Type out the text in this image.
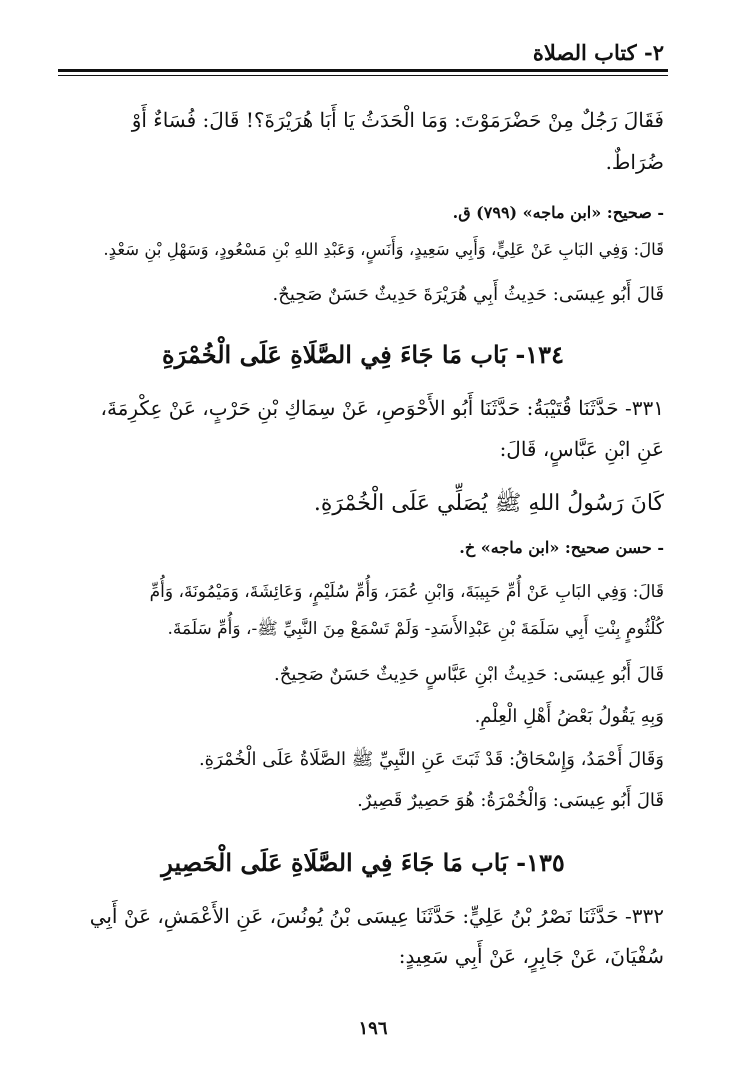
٢- كتاب الصلاة
فَقَالَ رَجُلٌ مِنْ حَضْرَمَوْتَ: وَمَا الْحَدَثُ يَا أَبَا هُرَيْرَةَ؟! قَالَ: فُسَاءٌ أَوْ
ضُرَاطٌ.
- صحيح: «ابن ماجه» (٧٩٩) ق.
قَالَ: وَفِي البَابِ عَنْ عَلِيٍّ، وَأَبِي سَعِيدٍ، وَأَنَسٍ، وَعَبْدِ اللهِ بْنِ مَسْعُودٍ، وَسَهْلِ بْنِ سَعْدٍ.
قَالَ أَبُو عِيسَى: حَدِيثُ أَبِي هُرَيْرَةَ حَدِيثٌ حَسَنٌ صَحِيحٌ.
١٣٤- بَاب مَا جَاءَ فِي الصَّلَاةِ عَلَى الْخُمْرَةِ
٣٣١- حَدَّثَنَا قُتَيْبَةُ: حَدَّثَنَا أَبُو الأَحْوَصِ، عَنْ سِمَاكِ بْنِ حَرْبٍ، عَنْ عِكْرِمَةَ،
عَنِ ابْنِ عَبَّاسٍ، قَالَ:
كَانَ رَسُولُ اللهِ ﷺ يُصَلِّي عَلَى الْخُمْرَةِ.
- حسن صحيح: «ابن ماجه» خ.
قَالَ: وَفِي البَابِ عَنْ أُمِّ حَبِيبَةَ، وَابْنِ عُمَرَ، وَأُمِّ سُلَيْمٍ، وَعَائِشَةَ، وَمَيْمُونَةَ، وَأُمِّ
كُلْثُومٍ بِنْتِ أَبِي سَلَمَةَ بْنِ عَبْدِالأَسَدِ- وَلَمْ تَسْمَعْ مِنَ النَّبِيِّ ﷺ-، وَأُمِّ سَلَمَةَ.
قَالَ أَبُو عِيسَى: حَدِيثُ ابْنِ عَبَّاسٍ حَدِيثٌ حَسَنٌ صَحِيحٌ.
وَبِهِ يَقُولُ بَعْضُ أَهْلِ الْعِلْمِ.
وَقَالَ أَحْمَدُ، وَإِسْحَاقُ: قَدْ ثَبَتَ عَنِ النَّبِيِّ ﷺ الصَّلَاةُ عَلَى الْخُمْرَةِ.
قَالَ أَبُو عِيسَى: وَالْخُمْرَةُ: هُوَ حَصِيرٌ قَصِيرٌ.
١٣٥- بَاب مَا جَاءَ فِي الصَّلَاةِ عَلَى الْحَصِيرِ
٣٣٢- حَدَّثَنَا نَصْرُ بْنُ عَلِيٍّ: حَدَّثَنَا عِيسَى بْنُ يُونُسَ، عَنِ الأَعْمَشِ، عَنْ أَبِي
سُفْيَانَ، عَنْ جَابِرٍ، عَنْ أَبِي سَعِيدٍ:
١٩٦
